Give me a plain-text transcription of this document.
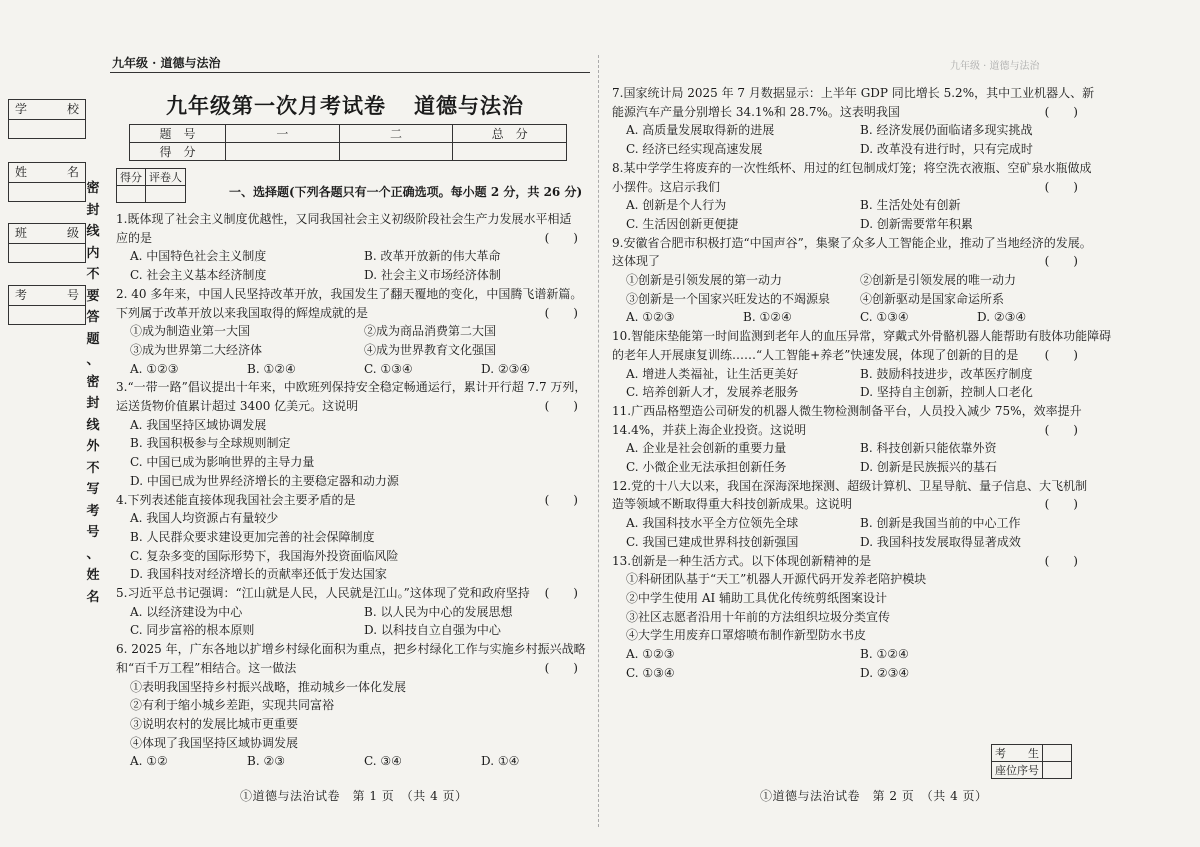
九年级 · 道德与法治	九年级 · 道德与法治
学	校
姓	名
班	级
考	号
密
封
线
内
不
要
答
题
、
密
封
线
外
不
写
考
号
、
姓
名
九年级第一次月考试卷 道德与法治
题　号	一	二	总　分
得　分			
得分	评卷人

一、选择题(下列各题只有一个正确选项。每小题 2 分，共 26 分)
1.既体现了社会主义制度优越性，又同我国社会主义初级阶段社会生产力发展水平相适
应的是	(　　)
A. 中国特色社会主义制度	B. 改革开放新的伟大革命
C. 社会主义基本经济制度	D. 社会主义市场经济体制
2. 40 多年来，中国人民坚持改革开放，我国发生了翻天覆地的变化，中国腾飞谱新篇。
下列属于改革开放以来我国取得的辉煌成就的是	(　　)
①成为制造业第一大国	②成为商品消费第二大国
③成为世界第二大经济体	④成为世界教育文化强国
A. ①②③	B. ①②④	C. ①③④	D. ②③④
3.“一带一路”倡议提出十年来，中欧班列保持安全稳定畅通运行，累计开行超 7.7 万列，
运送货物价值累计超过 3400 亿美元。这说明	(　　)
A. 我国坚持区域协调发展
B. 我国积极参与全球规则制定
C. 中国已成为影响世界的主导力量
D. 中国已成为世界经济增长的主要稳定器和动力源
4.下列表述能直接体现我国社会主要矛盾的是	(　　)
A. 我国人均资源占有量较少
B. 人民群众要求建设更加完善的社会保障制度
C. 复杂多变的国际形势下，我国海外投资面临风险
D. 我国科技对经济增长的贡献率还低于发达国家
5.习近平总书记强调：“江山就是人民，人民就是江山。”这体现了党和政府坚持 (　　)
A. 以经济建设为中心	B. 以人民为中心的发展思想
C. 同步富裕的根本原则	D. 以科技自立自强为中心
6. 2025 年，广东各地以扩增乡村绿化面积为重点，把乡村绿化工作与实施乡村振兴战略
和“百千万工程”相结合。这一做法	(　　)
①表明我国坚持乡村振兴战略，推动城乡一体化发展
②有利于缩小城乡差距，实现共同富裕
③说明农村的发展比城市更重要
④体现了我国坚持区域协调发展
A. ①②	B. ②③	C. ③④	D. ①④
7.国家统计局 2025 年 7 月数据显示：上半年 GDP 同比增长 5.2%，其中工业机器人、新
能源汽车产量分别增长 34.1%和 28.7%。这表明我国	(　　)
A. 高质量发展取得新的进展	B. 经济发展仍面临诸多现实挑战
C. 经济已经实现高速发展	D. 改革没有进行时，只有完成时
8.某中学学生将废弃的一次性纸杯、用过的红包制成灯笼；将空洗衣液瓶、空矿泉水瓶做成
小摆件。这启示我们	(　　)
A. 创新是个人行为	B. 生活处处有创新
C. 生活因创新更便捷	D. 创新需要常年积累
9.安徽省合肥市积极打造“中国声谷”，集聚了众多人工智能企业，推动了当地经济的发展。
这体现了	(　　)
①创新是引领发展的第一动力	②创新是引领发展的唯一动力
③创新是一个国家兴旺发达的不竭源泉	④创新驱动是国家命运所系
A. ①②③	B. ①②④	C. ①③④	D. ②③④
10.智能床垫能第一时间监测到老年人的血压异常，穿戴式外骨骼机器人能帮助有肢体功能障碍
的老年人开展康复训练……“人工智能+养老”快速发展，体现了创新的目的是 (　　)
A. 增进人类福祉，让生活更美好	B. 鼓励科技进步，改革医疗制度
C. 培养创新人才，发展养老服务	D. 坚持自主创新，控制人口老化
11.广西品格塑造公司研发的机器人微生物检测制备平台，人员投入减少 75%，效率提升
14.4%，并获上海企业投资。这说明	(　　)
A. 企业是社会创新的重要力量	B. 科技创新只能依靠外资
C. 小微企业无法承担创新任务	D. 创新是民族振兴的基石
12.党的十八大以来，我国在深海深地探测、超级计算机、卫星导航、量子信息、大飞机制
造等领域不断取得重大科技创新成果。这说明	(　　)
A. 我国科技水平全方位领先全球	B. 创新是我国当前的中心工作
C. 我国已建成世界科技创新强国	D. 我国科技发展取得显著成效
13.创新是一种生活方式。以下体现创新精神的是	(　　)
①科研团队基于“天工”机器人开源代码开发养老陪护模块
②中学生使用 AI 辅助工具优化传统剪纸图案设计
③社区志愿者沿用十年前的方法组织垃圾分类宣传
④大学生用废弃口罩熔喷布制作新型防水书皮
A. ①②③	B. ①②④
C. ①③④	D. ②③④
考　　生	
座位序号	
①道德与法治试卷　第 1 页　（共 4 页）	①道德与法治试卷　第 2 页　（共 4 页）
